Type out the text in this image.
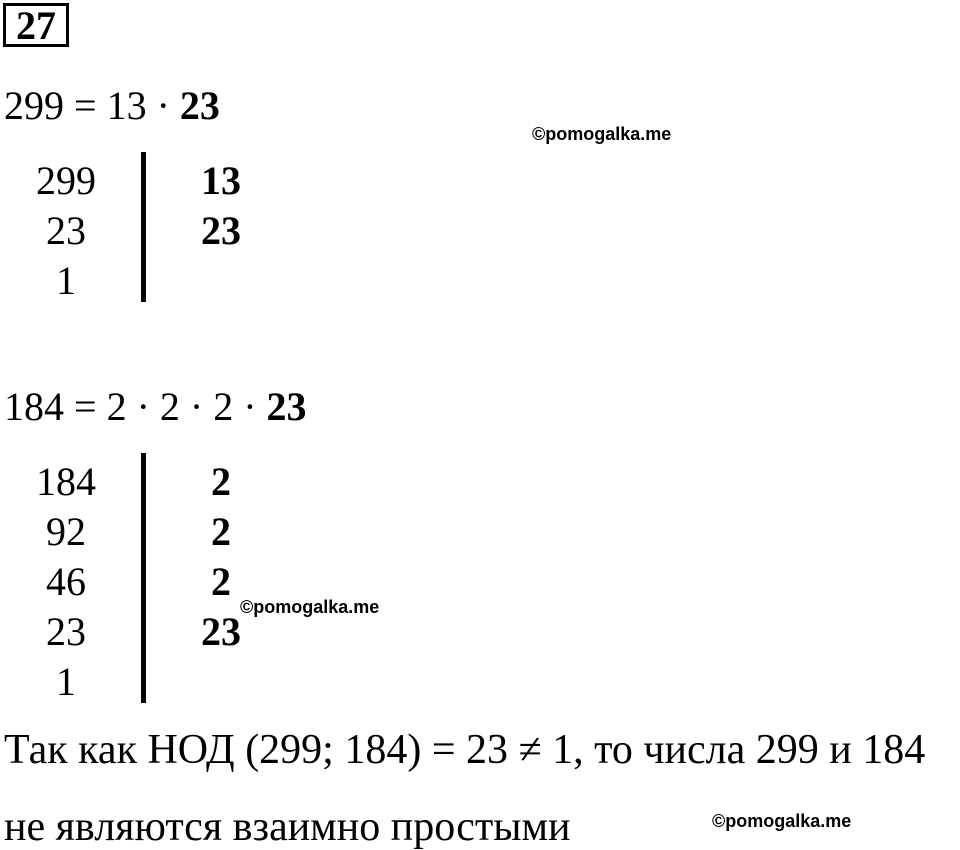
27
299 = 13 · 23
©pomogalka.me
299
23
1
13
23
184 = 2 · 2 · 2 · 23
184
92
46
23
1
2
2
2
23
©pomogalka.me
Так как НОД (299; 184) = 23 ≠ 1, то числа 299 и 184
не являются взаимно простыми	©pomogalka.me
